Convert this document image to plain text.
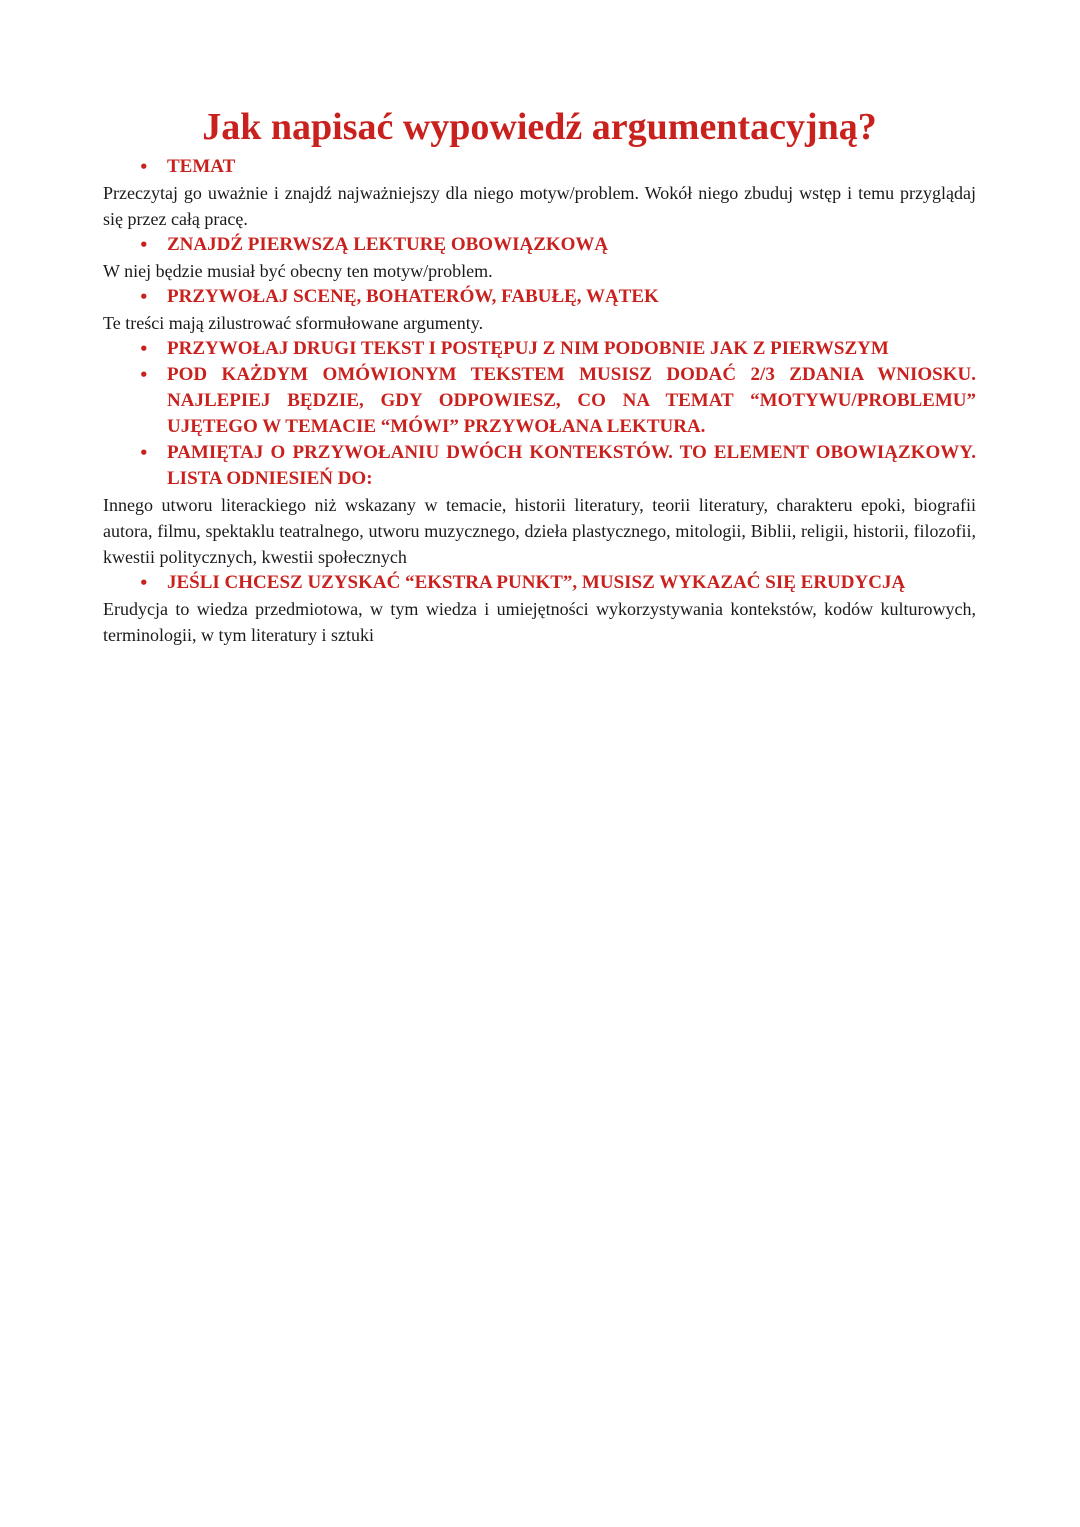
Jak napisać wypowiedź argumentacyjną?

• TEMAT

Przeczytaj go uważnie i znajdź najważniejszy dla niego motyw/problem. Wokół niego zbuduj wstęp i temu przyglądaj się przez całą pracę.

• ZNAJDŹ PIERWSZĄ LEKTURĘ OBOWIĄZKOWĄ

W niej będzie musiał być obecny ten motyw/problem.

• PRZYWOŁAJ SCENĘ, BOHATERÓW, FABUŁĘ, WĄTEK

Te treści mają zilustrować sformułowane argumenty.

• PRZYWOŁAJ DRUGI TEKST I POSTĘPUJ Z NIM PODOBNIE JAK Z PIERWSZYM

• POD KAŻDYM OMÓWIONYM TEKSTEM MUSISZ DODAĆ 2/3 ZDANIA WNIOSKU. NAJLEPIEJ BĘDZIE, GDY ODPOWIESZ, CO NA TEMAT “MOTYWU/PROBLEMU” UJĘTEGO W TEMACIE “MÓWI” PRZYWOŁANA LEKTURA.

• PAMIĘTAJ O PRZYWOŁANIU DWÓCH KONTEKSTÓW. TO ELEMENT OBOWIĄZKOWY. LISTA ODNIESIEŃ DO:

Innego utworu literackiego niż wskazany w temacie, historii literatury, teorii literatury, charakteru epoki, biografii autora, filmu, spektaklu teatralnego, utworu muzycznego, dzieła plastycznego, mitologii, Biblii, religii, historii, filozofii, kwestii politycznych, kwestii społecznych

• JEŚLI CHCESZ UZYSKAĆ “EKSTRA PUNKT”, MUSISZ WYKAZAĆ SIĘ ERUDYCJĄ

Erudycja to wiedza przedmiotowa, w tym wiedza i umiejętności wykorzystywania kontekstów, kodów kulturowych, terminologii, w tym literatury i sztuki
